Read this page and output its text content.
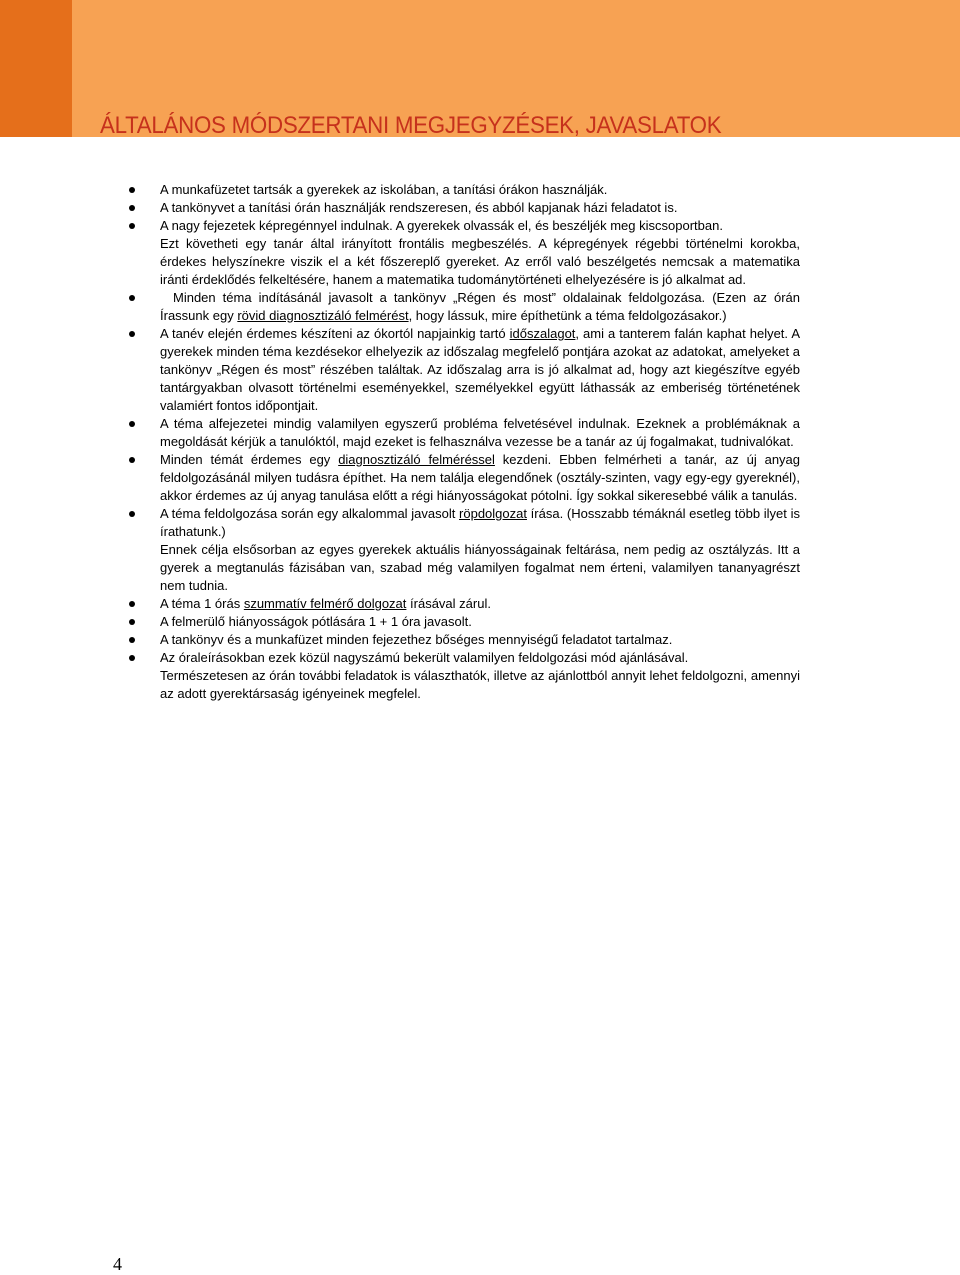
ÁLTALÁNOS MÓDSZERTANI MEGJEGYZÉSEK, JAVASLATOK
A munkafüzetet tartsák a gyerekek az iskolában, a tanítási órákon használják.
A tankönyvet a tanítási órán használják rendszeresen, és abból kapjanak házi feladatot is.
A nagy fejezetek képregénnyel indulnak. A gyerekek olvassák el, és beszéljék meg kiscsoportban.
Ezt követheti egy tanár által irányított frontális megbeszélés. A képregények régebbi történelmi korokba, érdekes helyszínekre viszik el a két főszereplő gyereket. Az erről való beszélgetés nemcsak a matematika iránti érdeklődés felkeltésére, hanem a matematika tudománytörténeti elhelyezésére is jó alkalmat ad.
Minden téma indításánál javasolt a tankönyv „Régen és most” oldalainak feldolgozása. (Ezen az órán
Írassunk egy rövid diagnosztizáló felmérést, hogy lássuk, mire építhetünk a téma feldolgozásakor.)
A tanév elején érdemes készíteni az ókortól napjainkig tartó időszalagot, ami a tanterem falán kaphat helyet. A gyerekek minden téma kezdésekor elhelyezik az időszalag megfelelő pontjára azokat az adatokat, amelyeket a tankönyv „Régen és most” részében találtak. Az időszalag arra is jó alkalmat ad, hogy azt kiegészítve egyéb tantárgyakban olvasott történelmi eseményekkel, személyekkel együtt láthassák az emberiség történetének valamiért fontos időpontjait.
A téma alfejezetei mindig valamilyen egyszerű probléma felvetésével indulnak. Ezeknek a problémáknak a megoldását kérjük a tanulóktól, majd ezeket is felhasználva vezesse be a tanár az új fogalmakat, tudnivalókat.
Minden témát érdemes egy diagnosztizáló felméréssel kezdeni. Ebben felmérheti a tanár, az új anyag feldolgozásánál milyen tudásra építhet. Ha nem találja elegendőnek (osztály-szinten, vagy egy-egy gyereknél), akkor érdemes az új anyag tanulása előtt a régi hiányosságokat pótolni. Így sokkal sikeresebbé válik a tanulás.
A téma feldolgozása során egy alkalommal javasolt röpdolgozat írása. (Hosszabb témáknál esetleg több ilyet is írathatunk.)
Ennek célja elsősorban az egyes gyerekek aktuális hiányosságainak feltárása, nem pedig az osztályzás. Itt a gyerek a megtanulás fázisában van, szabad még valamilyen fogalmat nem érteni, valamilyen tananyagrészt nem tudnia.
A téma 1 órás szummatív felmérő dolgozat írásával zárul.
A felmerülő hiányosságok pótlására 1 + 1 óra javasolt.
A tankönyv és a munkafüzet minden fejezethez bőséges mennyiségű feladatot tartalmaz.
Az óraleírásokban ezek közül nagyszámú bekerült valamilyen feldolgozási mód ajánlásával.
Természetesen az órán további feladatok is választhatók, illetve az ajánlottból annyit lehet feldolgozni, amennyi az adott gyerektársaság igényeinek megfelel.
4
